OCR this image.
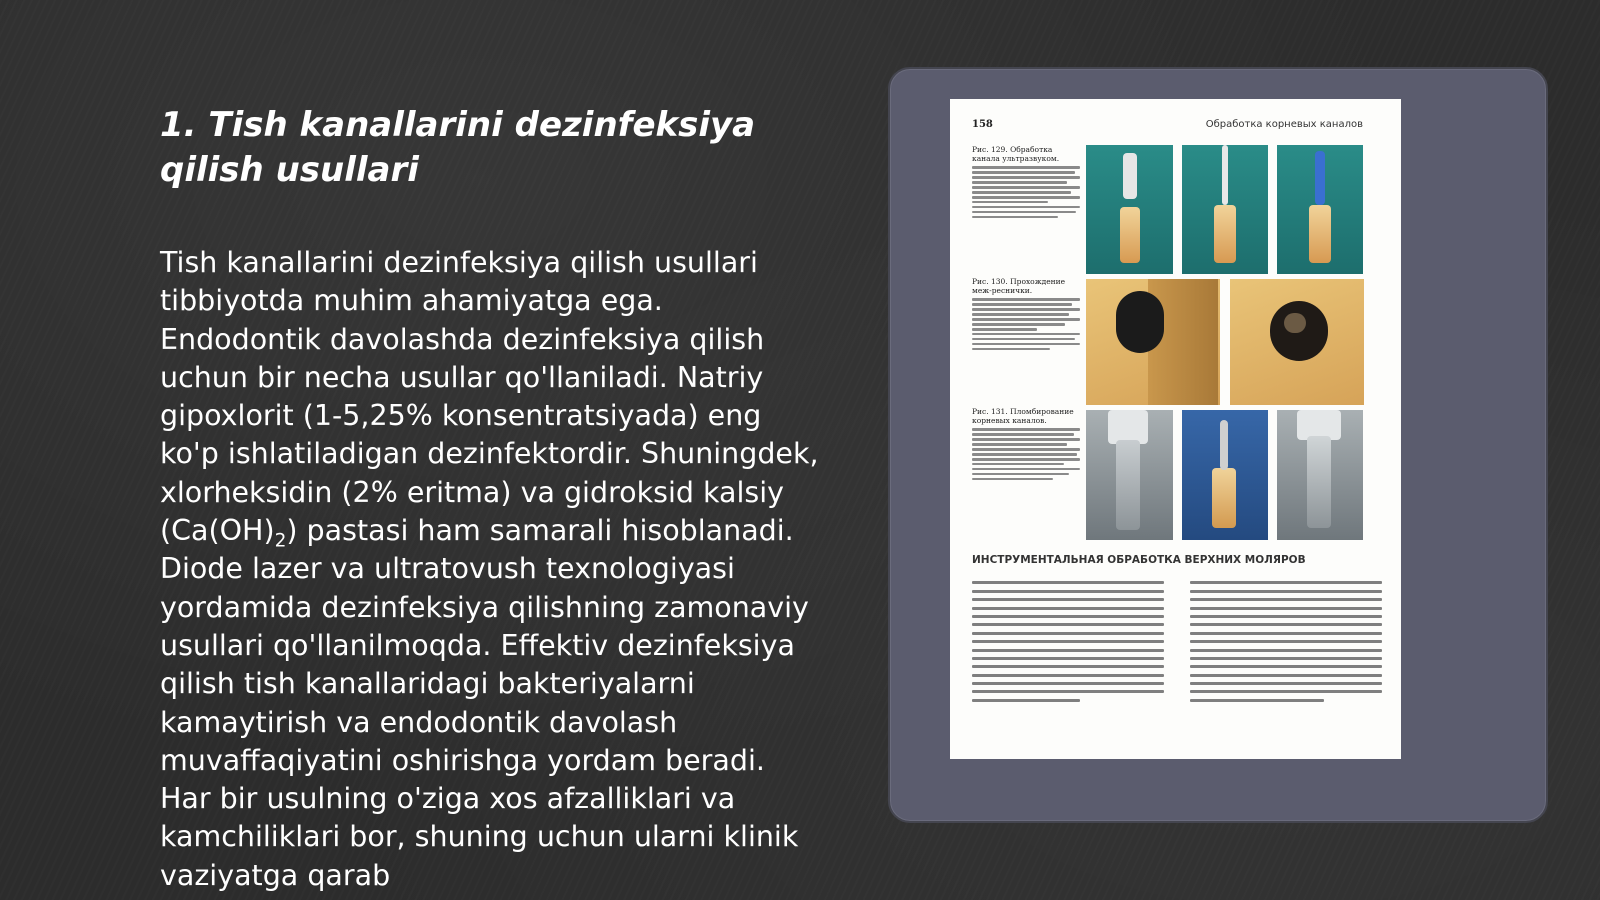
1. Tish kanallarini dezinfeksiya qilish usullari

Tish kanallarini dezinfeksiya qilish usullari tibbiyotda muhim ahamiyatga ega. Endodontik davolashda dezinfeksiya qilish uchun bir necha usullar qo'llaniladi. Natriy gipoxlorit (1-5,25% konsentratsiyada) eng ko'p ishlatiladigan dezinfektordir. Shuningdek, xlorheksidin (2% eritma) va gidroksid kalsiy $(Ca(OH)_2)$ pastasi ham samarali hisoblanadi. Diode lazer va ultratovush texnologiyasi yordamida dezinfeksiya qilishning zamonaviy usullari qo'llanilmoqda. Effektiv dezinfeksiya qilish tish kanallaridagi bakteriyalarni kamaytirish va endodontik davolash muvaffaqiyatini oshirishga yordam beradi. Har bir usulning o'ziga xos afzalliklari va kamchiliklari bor, shuning uchun ularni klinik vaziyatga qarab

158	Обработка корневых каналов
Рис. 129. Обработка канала ультразвуком.
Рис. 130. Прохождение меж-реснички.
Рис. 131. Пломбирование корневых каналов.
ИНСТРУМЕНТАЛЬНАЯ ОБРАБОТКА ВЕРХНИХ МОЛЯРОВ
